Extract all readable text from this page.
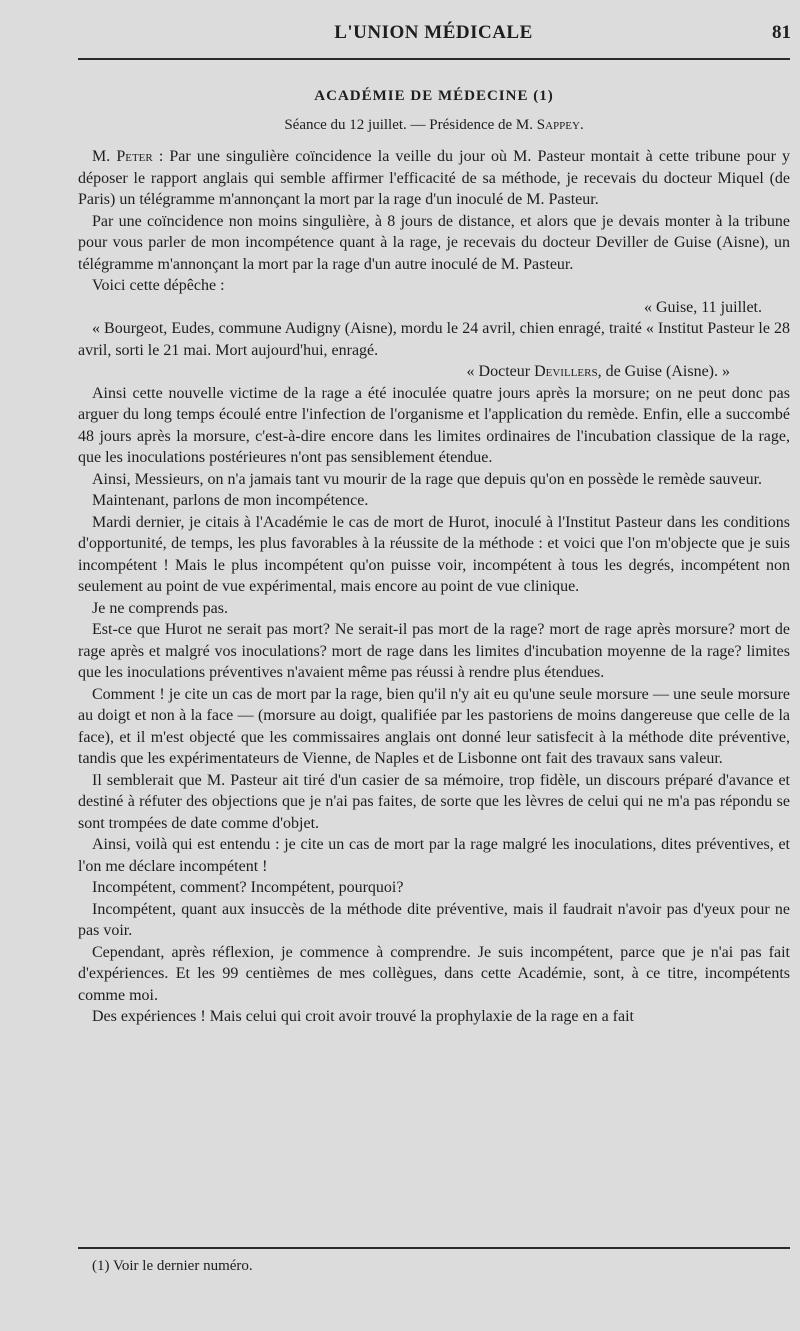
L'UNION MÉDICALE	81
ACADÉMIE DE MÉDECINE (1)
Séance du 12 juillet. — Présidence de M. Sappey.

M. Peter : Par une singulière coïncidence la veille du jour où M. Pasteur montait à cette tribune pour y déposer le rapport anglais qui semble affirmer l'efficacité de sa méthode, je recevais du docteur Miquel (de Paris) un télégramme m'annonçant la mort par la rage d'un inoculé de M. Pasteur.

Par une coïncidence non moins singulière, à 8 jours de distance, et alors que je devais monter à la tribune pour vous parler de mon incompétence quant à la rage, je recevais du docteur Deviller de Guise (Aisne), un télégramme m'annonçant la mort par la rage d'un autre inoculé de M. Pasteur.

Voici cette dépêche :

« Guise, 11 juillet.

« Bourgeot, Eudes, commune Audigny (Aisne), mordu le 24 avril, chien enragé, traité « Institut Pasteur le 28 avril, sorti le 21 mai. Mort aujourd'hui, enragé.

« Docteur Devillers, de Guise (Aisne). »

Ainsi cette nouvelle victime de la rage a été inoculée quatre jours après la morsure; on ne peut donc pas arguer du long temps écoulé entre l'infection de l'organisme et l'application du remède. Enfin, elle a succombé 48 jours après la morsure, c'est-à-dire encore dans les limites ordinaires de l'incubation classique de la rage, que les inoculations postérieures n'ont pas sensiblement étendue.

Ainsi, Messieurs, on n'a jamais tant vu mourir de la rage que depuis qu'on en possède le remède sauveur.

Maintenant, parlons de mon incompétence.

Mardi dernier, je citais à l'Académie le cas de mort de Hurot, inoculé à l'Institut Pasteur dans les conditions d'opportunité, de temps, les plus favorables à la réussite de la méthode : et voici que l'on m'objecte que je suis incompétent ! Mais le plus incompétent qu'on puisse voir, incompétent à tous les degrés, incompétent non seulement au point de vue expérimental, mais encore au point de vue clinique.

Je ne comprends pas.

Est-ce que Hurot ne serait pas mort? Ne serait-il pas mort de la rage? mort de rage après morsure? mort de rage après et malgré vos inoculations? mort de rage dans les limites d'incubation moyenne de la rage? limites que les inoculations préventives n'avaient même pas réussi à rendre plus étendues.

Comment ! je cite un cas de mort par la rage, bien qu'il n'y ait eu qu'une seule morsure — une seule morsure au doigt et non à la face — (morsure au doigt, qualifiée par les pastoriens de moins dangereuse que celle de la face), et il m'est objecté que les commissaires anglais ont donné leur satisfecit à la méthode dite préventive, tandis que les expérimentateurs de Vienne, de Naples et de Lisbonne ont fait des travaux sans valeur.

Il semblerait que M. Pasteur ait tiré d'un casier de sa mémoire, trop fidèle, un discours préparé d'avance et destiné à réfuter des objections que je n'ai pas faites, de sorte que les lèvres de celui qui ne m'a pas répondu se sont trompées de date comme d'objet.

Ainsi, voilà qui est entendu : je cite un cas de mort par la rage malgré les inoculations, dites préventives, et l'on me déclare incompétent !

Incompétent, comment? Incompétent, pourquoi?

Incompétent, quant aux insuccès de la méthode dite préventive, mais il faudrait n'avoir pas d'yeux pour ne pas voir.

Cependant, après réflexion, je commence à comprendre. Je suis incompétent, parce que je n'ai pas fait d'expériences. Et les 99 centièmes de mes collègues, dans cette Académie, sont, à ce titre, incompétents comme moi.

Des expériences ! Mais celui qui croit avoir trouvé la prophylaxie de la rage en a fait

(1) Voir le dernier numéro.
